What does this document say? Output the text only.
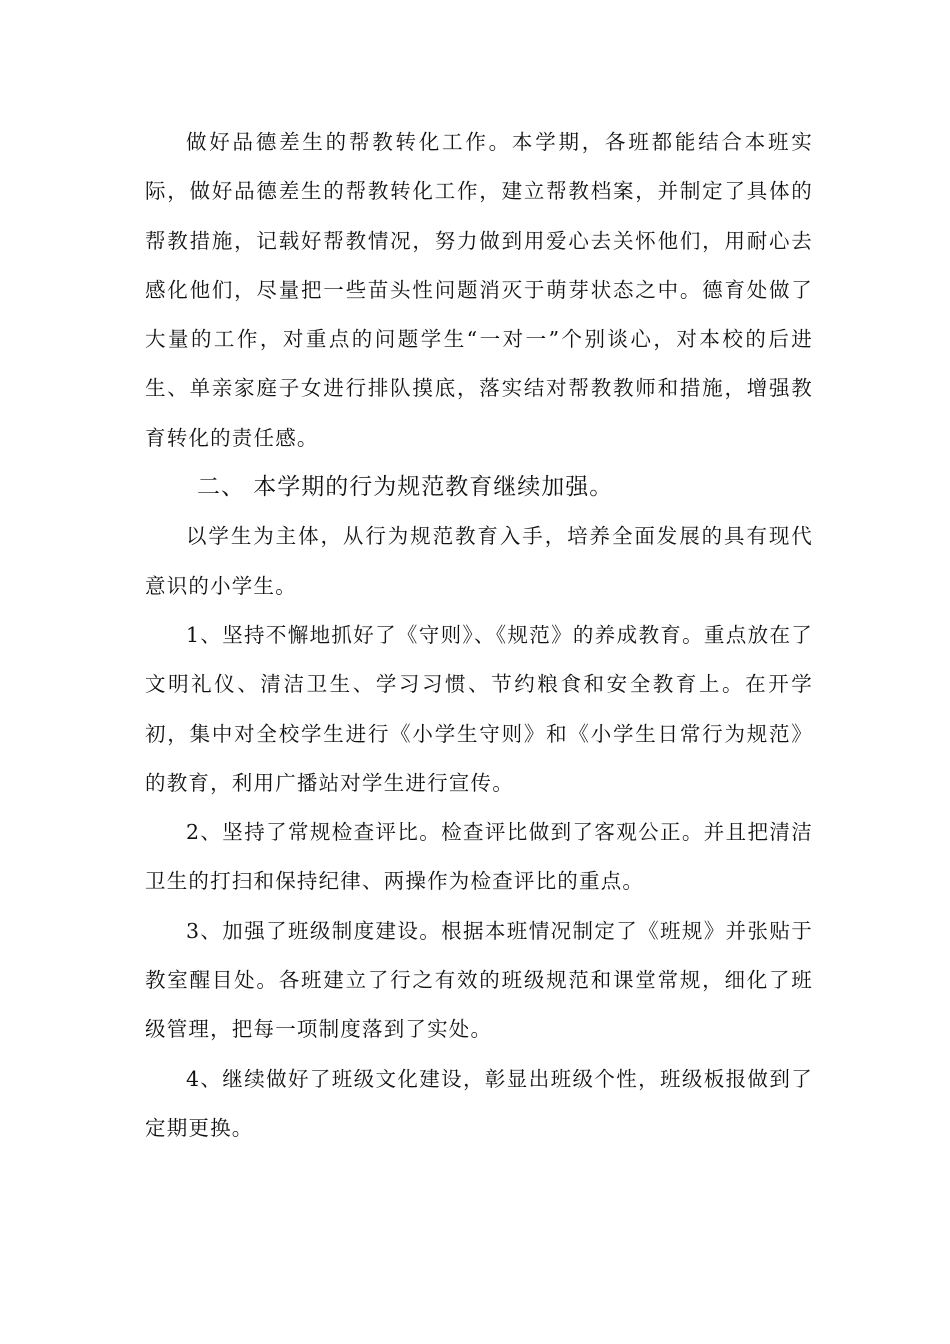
做好品德差生的帮教转化工作。本学期，各班都能结合本班实际，做好品德差生的帮教转化工作，建立帮教档案，并制定了具体的帮教措施，记载好帮教情况，努力做到用爱心去关怀他们，用耐心去感化他们，尽量把一些苗头性问题消灭于萌芽状态之中。德育处做了大量的工作，对重点的问题学生“一对一”个别谈心，对本校的后进生、单亲家庭子女进行排队摸底，落实结对帮教教师和措施，增强教育转化的责任感。

二、 本学期的行为规范教育继续加强。

以学生为主体，从行为规范教育入手，培养全面发展的具有现代意识的小学生。

1、坚持不懈地抓好了《守则》、《规范》的养成教育。重点放在了文明礼仪、清洁卫生、学习习惯、节约粮食和安全教育上。在开学初，集中对全校学生进行《小学生守则》和《小学生日常行为规范》的教育，利用广播站对学生进行宣传。

2、坚持了常规检查评比。检查评比做到了客观公正。并且把清洁卫生的打扫和保持纪律、两操作为检查评比的重点。

3、加强了班级制度建设。根据本班情况制定了《班规》并张贴于教室醒目处。各班建立了行之有效的班级规范和课堂常规，细化了班级管理，把每一项制度落到了实处。

4、继续做好了班级文化建设，彰显出班级个性，班级板报做到了定期更换。
